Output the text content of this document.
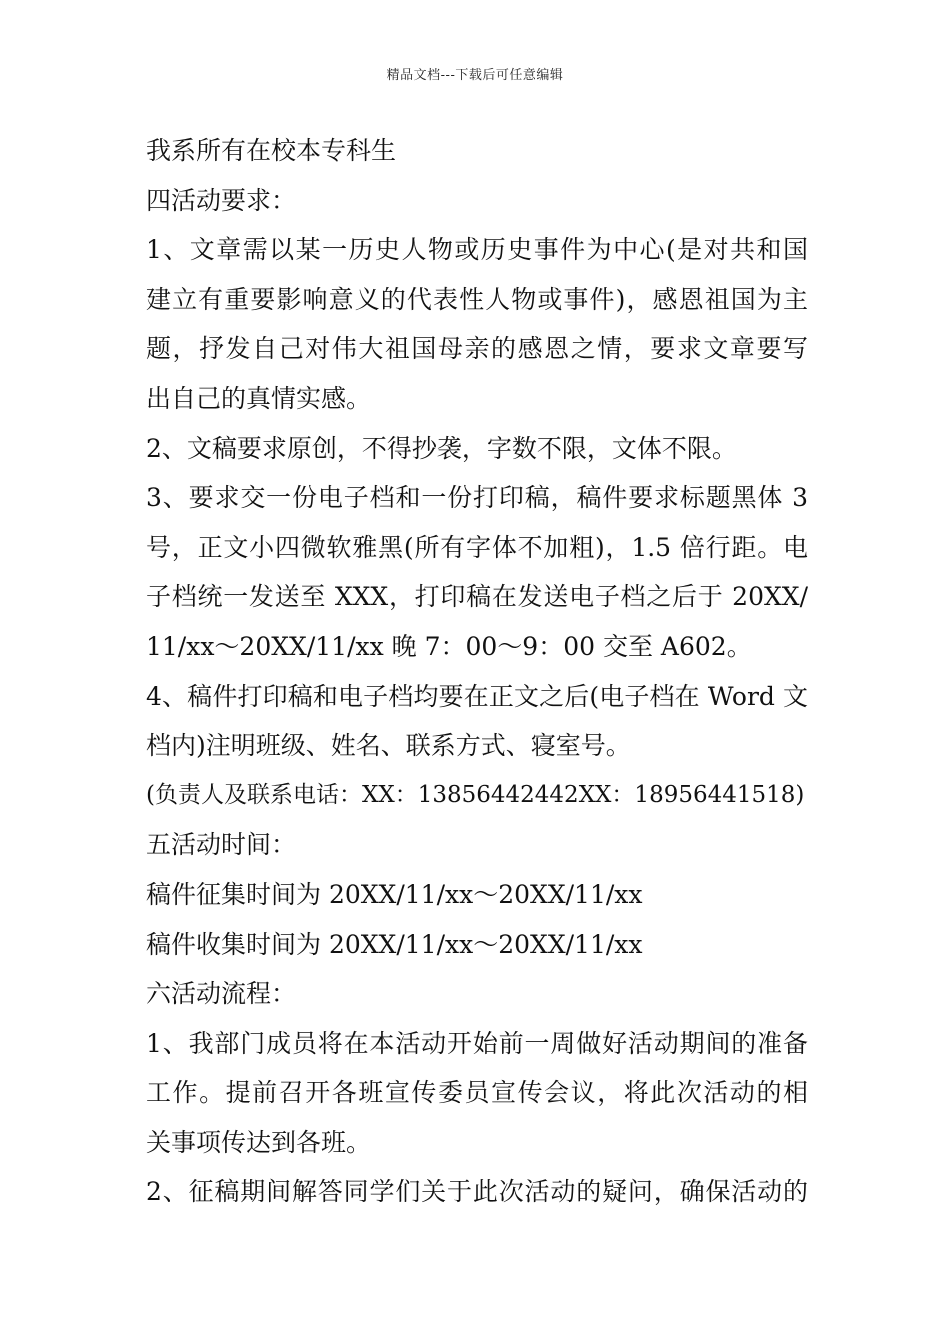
精品文档---下载后可任意编辑
我系所有在校本专科生
四活动要求：
1、文章需以某一历史人物或历史事件为中心(是对共和国
建立有重要影响意义的代表性人物或事件)，感恩祖国为主
题，抒发自己对伟大祖国母亲的感恩之情，要求文章要写
出自己的真情实感。
2、文稿要求原创，不得抄袭，字数不限，文体不限。
3、要求交一份电子档和一份打印稿，稿件要求标题黑体 3
号，正文小四微软雅黑(所有字体不加粗)，1.5 倍行距。电
子档统一发送至 XXX，打印稿在发送电子档之后于 20XX/
11/xx～20XX/11/xx 晚 7：00～9：00 交至 A602。
4、稿件打印稿和电子档均要在正文之后(电子档在 Word 文
档内)注明班级、姓名、联系方式、寝室号。
(负责人及联系电话：XX：13856442442XX：18956441518)
五活动时间：
稿件征集时间为 20XX/11/xx～20XX/11/xx
稿件收集时间为 20XX/11/xx～20XX/11/xx
六活动流程：
1、我部门成员将在本活动开始前一周做好活动期间的准备
工作。提前召开各班宣传委员宣传会议，将此次活动的相
关事项传达到各班。
2、征稿期间解答同学们关于此次活动的疑问，确保活动的
